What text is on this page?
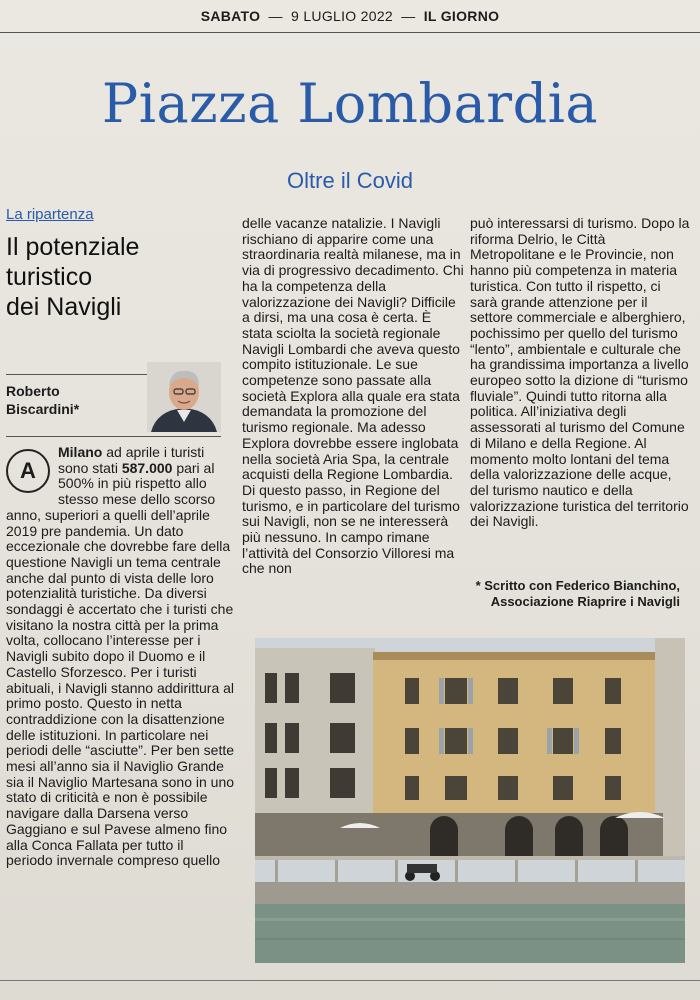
SABATO — 9 LUGLIO 2022 — IL GIORNO
Piazza Lombardia
Oltre il Covid
La ripartenza
Il potenziale
turistico
dei Navigli
Roberto
Biscardini*

A
Milano ad aprile i turisti sono stati 587.000 pari al 500% in più rispetto allo stesso mese dello scorso anno, superiori a quelli dell’aprile 2019 pre pandemia. Un dato eccezionale che dovrebbe fare della questione Navigli un tema centrale anche dal punto di vista delle loro potenzialità turistiche. Da diversi sondaggi è accertato che i turisti che visitano la nostra città per la prima volta, collocano l’interesse per i Navigli subito dopo il Duomo e il Castello Sforzesco. Per i turisti abituali, i Navigli stanno addirittura al primo posto. Questo in netta contraddizione con la disattenzione delle istituzioni. In particolare nei periodi delle “asciutte”. Per ben sette mesi all’anno sia il Naviglio Grande sia il Naviglio Martesana sono in uno stato di criticità e non è possibile navigare dalla Darsena verso Gaggiano e sul Pavese almeno fino alla Conca Fallata per tutto il periodo invernale compreso quello

delle vacanze natalizie. I Navigli rischiano di apparire come una straordinaria realtà milanese, ma in via di progressivo decadimento. Chi ha la competenza della valorizzazione dei Navigli? Difficile a dirsi, ma una cosa è certa. È stata sciolta la società regionale Navigli Lombardi che aveva questo compito istituzionale. Le sue competenze sono passate alla società Explora alla quale era stata demandata la promozione del turismo regionale. Ma adesso Explora dovrebbe essere inglobata nella società Aria Spa, la centrale acquisti della Regione Lombardia. Di questo passo, in Regione del turismo, e in particolare del turismo sui Navigli, non se ne interesserà più nessuno. In campo rimane l’attività del Consorzio Villoresi ma che non

può interessarsi di turismo. Dopo la riforma Delrio, le Città Metropolitane e le Provincie, non hanno più competenza in materia turistica. Con tutto il rispetto, ci sarà grande attenzione per il settore commerciale e alberghiero, pochissimo per quello del turismo “lento”, ambientale e culturale che ha grandissima importanza a livello europeo sotto la dizione di “turismo fluviale”. Quindi tutto ritorna alla politica. All’iniziativa degli assessorati al turismo del Comune di Milano e della Regione. Al momento molto lontani del tema della valorizzazione delle acque, del turismo nautico e della valorizzazione turistica del territorio dei Navigli.

* Scritto con Federico Bianchino, Associazione Riaprire i Navigli
